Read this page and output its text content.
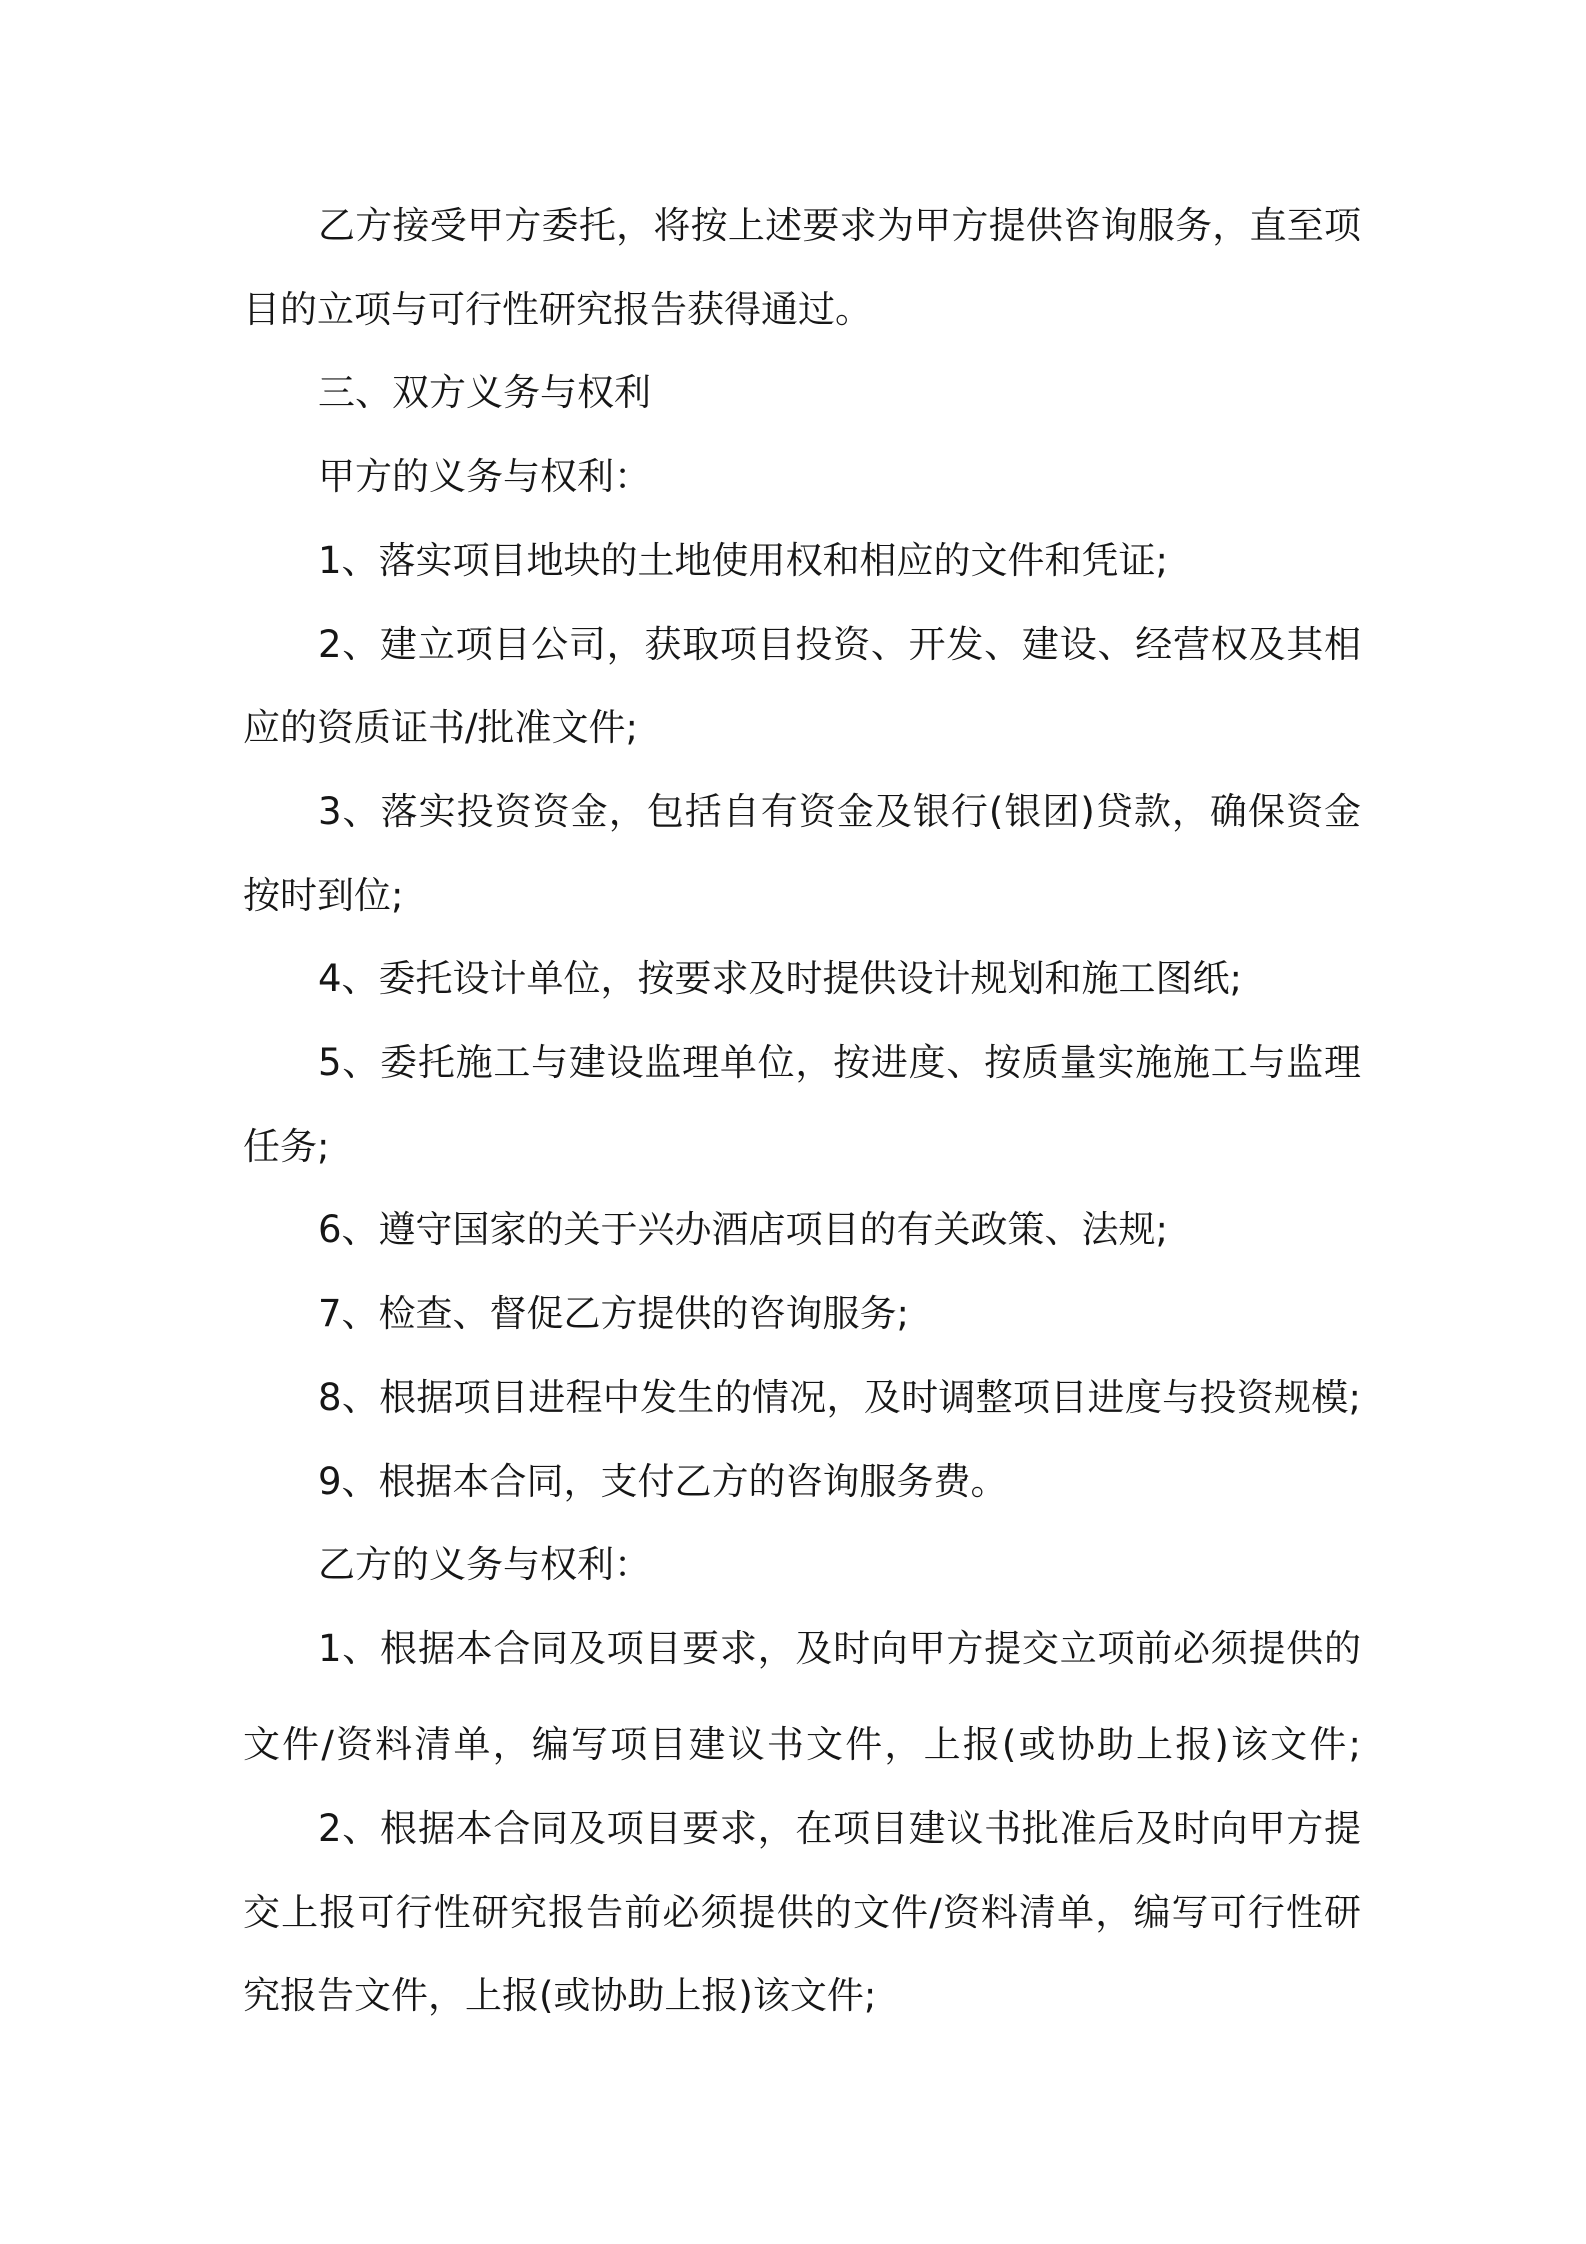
乙方接受甲方委托，将按上述要求为甲方提供咨询服务，直至项
目的立项与可行性研究报告获得通过。
三、双方义务与权利
甲方的义务与权利：
1、落实项目地块的土地使用权和相应的文件和凭证;
2、建立项目公司，获取项目投资、开发、建设、经营权及其相
应的资质证书/批准文件;
3、落实投资资金，包括自有资金及银行(银团)贷款，确保资金
按时到位;
4、委托设计单位，按要求及时提供设计规划和施工图纸;
5、委托施工与建设监理单位，按进度、按质量实施施工与监理
任务;
6、遵守国家的关于兴办酒店项目的有关政策、法规;
7、检查、督促乙方提供的咨询服务;
8、根据项目进程中发生的情况，及时调整项目进度与投资规模;
9、根据本合同，支付乙方的咨询服务费。
乙方的义务与权利：
1、根据本合同及项目要求，及时向甲方提交立项前必须提供的
文件/资料清单，编写项目建议书文件，上报(或协助上报)该文件;
2、根据本合同及项目要求，在项目建议书批准后及时向甲方提
交上报可行性研究报告前必须提供的文件/资料清单，编写可行性研
究报告文件，上报(或协助上报)该文件;
